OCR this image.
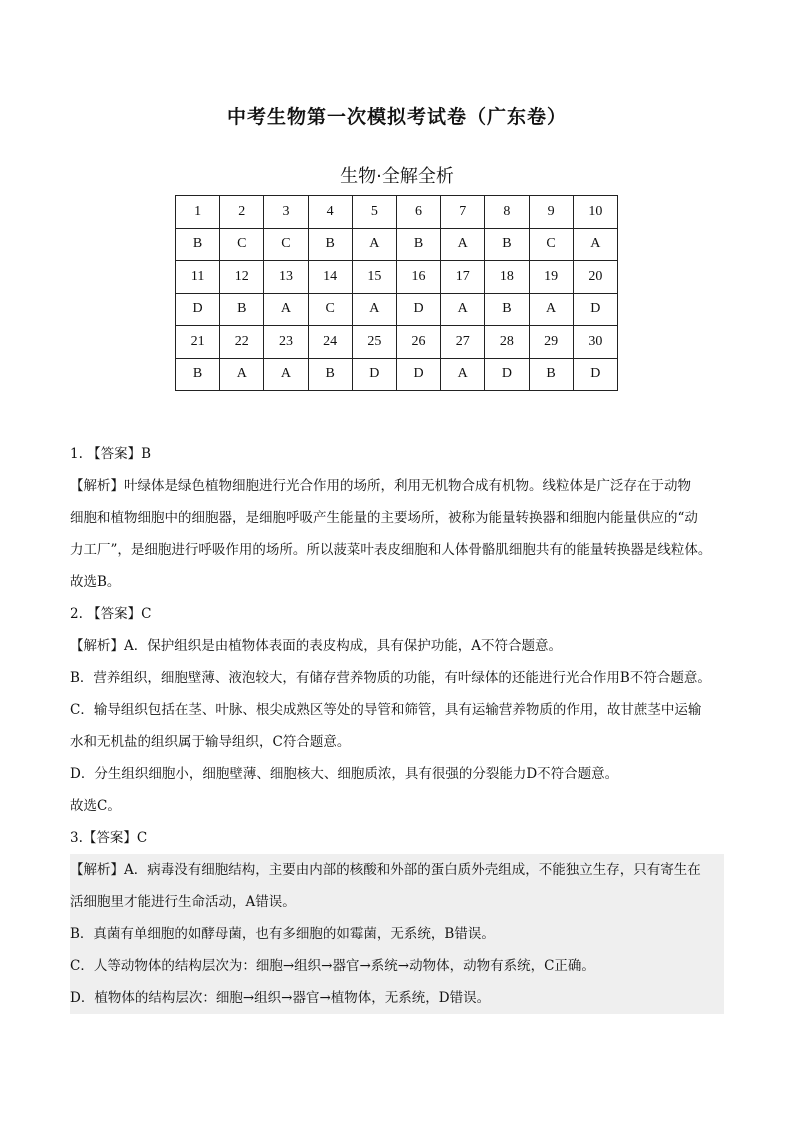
中考生物第一次模拟考试卷（广东卷）
生物·全解全析
1	2	3	4	5	6	7	8	9	10
B	C	C	B	A	B	A	B	C	A
11	12	13	14	15	16	17	18	19	20
D	B	A	C	A	D	A	B	A	D
21	22	23	24	25	26	27	28	29	30
B	A	A	B	D	D	A	D	B	D

1. 【答案】B

【解析】叶绿体是绿色植物细胞进行光合作用的场所，利用无机物合成有机物。线粒体是广泛存在于动物

细胞和植物细胞中的细胞器，是细胞呼吸产生能量的主要场所，被称为能量转换器和细胞内能量供应的“动

力工厂”，是细胞进行呼吸作用的场所。所以菠菜叶表皮细胞和人体骨骼肌细胞共有的能量转换器是线粒体。

故选B。

2. 【答案】C

【解析】A．保护组织是由植物体表面的表皮构成，具有保护功能，A不符合题意。

B．营养组织，细胞壁薄、液泡较大，有储存营养物质的功能，有叶绿体的还能进行光合作用B不符合题意。

C．输导组织包括在茎、叶脉、根尖成熟区等处的导管和筛管，具有运输营养物质的作用，故甘蔗茎中运输

水和无机盐的组织属于输导组织，C符合题意。

D．分生组织细胞小，细胞壁薄、细胞核大、细胞质浓，具有很强的分裂能力D不符合题意。

故选C。

3.【答案】C

【解析】A．病毒没有细胞结构，主要由内部的核酸和外部的蛋白质外壳组成，不能独立生存，只有寄生在

活细胞里才能进行生命活动，A错误。

B．真菌有单细胞的如酵母菌，也有多细胞的如霉菌，无系统，B错误。

C．人等动物体的结构层次为：细胞→组织→器官→系统→动物体，动物有系统，C正确。

D．植物体的结构层次：细胞→组织→器官→植物体，无系统，D错误。
